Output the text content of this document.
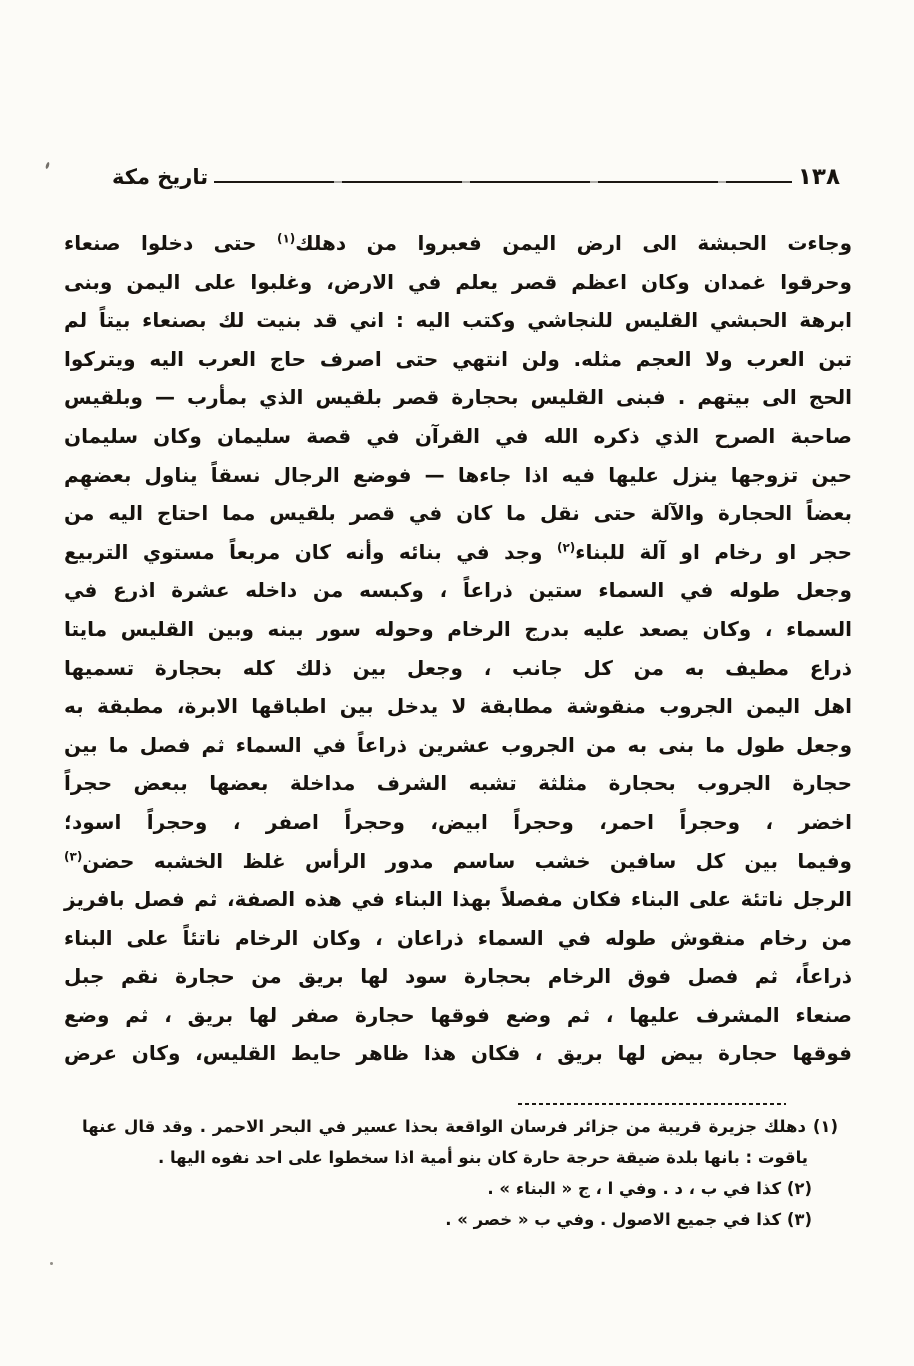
تاريخ مكة	١٣٨
وجاءت الحبشة الى ارض اليمن فعبروا من دهلك$^{(١)}$ حتى دخلوا صنعاء
وحرقوا غمدان وكان اعظم قصر يعلم في الارض، وغلبوا على اليمن وبنى
ابرهة الحبشي القليس للنجاشي وكتب اليه : اني قد بنيت لك بصنعاء بيتاً لم
تبن العرب ولا العجم مثله. ولن انتهي حتى اصرف حاج العرب اليه ويتركوا
الحج الى بيتهم . فبنى القليس بحجارة قصر بلقيس الذي بمأرب — وبلقيس
صاحبة الصرح الذي ذكره الله في القرآن في قصة سليمان وكان سليمان
حين تزوجها ينزل عليها فيه اذا جاءها — فوضع الرجال نسقاً يناول بعضهم
بعضاً الحجارة والآلة حتى نقل ما كان في قصر بلقيس مما احتاج اليه من
حجر او رخام او آلة للبناء$^{(٢)}$ وجد في بنائه وأنه كان مربعاً مستوي التربيع
وجعل طوله في السماء ستين ذراعاً ، وكبسه من داخله عشرة اذرع في
السماء ، وكان يصعد عليه بدرج الرخام وحوله سور بينه وبين القليس مايتا
ذراع مطيف به من كل جانب ، وجعل بين ذلك كله بحجارة تسميها
اهل اليمن الجروب منقوشة مطابقة لا يدخل بين اطباقها الابرة، مطبقة به
وجعل طول ما بنى به من الجروب عشرين ذراعاً في السماء ثم فصل ما بين
حجارة الجروب بحجارة مثلثة تشبه الشرف مداخلة بعضها ببعض حجراً
اخضر ، وحجراً احمر، وحجراً ابيض، وحجراً اصفر ، وحجراً اسود؛
وفيما بين كل سافين خشب ساسم مدور الرأس غلظ الخشبه حضن$^{(٣)}$
الرجل ناتئة على البناء فكان مفصلاً بهذا البناء في هذه الصفة، ثم فصل بافريز
من رخام منقوش طوله في السماء ذراعان ، وكان الرخام ناتئاً على البناء
ذراعاً، ثم فصل فوق الرخام بحجارة سود لها بريق من حجارة نقم جبل
صنعاء المشرف عليها ، ثم وضع فوقها حجارة صفر لها بريق ، ثم وضع
فوقها حجارة بيض لها بريق ، فكان هذا ظاهر حايط القليس، وكان عرض
(١) دهلك جزيرة قريبة من جزائر فرسان الواقعة بحذا عسير في البحر الاحمر . وقد قال عنها
ياقوت : بانها بلدة ضيقة حرجة حارة كان بنو أمية اذا سخطوا على احد نفوه اليها .
(٢) كذا في ب ، د . وفي ا ، ج « البناء » .
(٣) كذا في جميع الاصول . وفي ب « خصر » .
